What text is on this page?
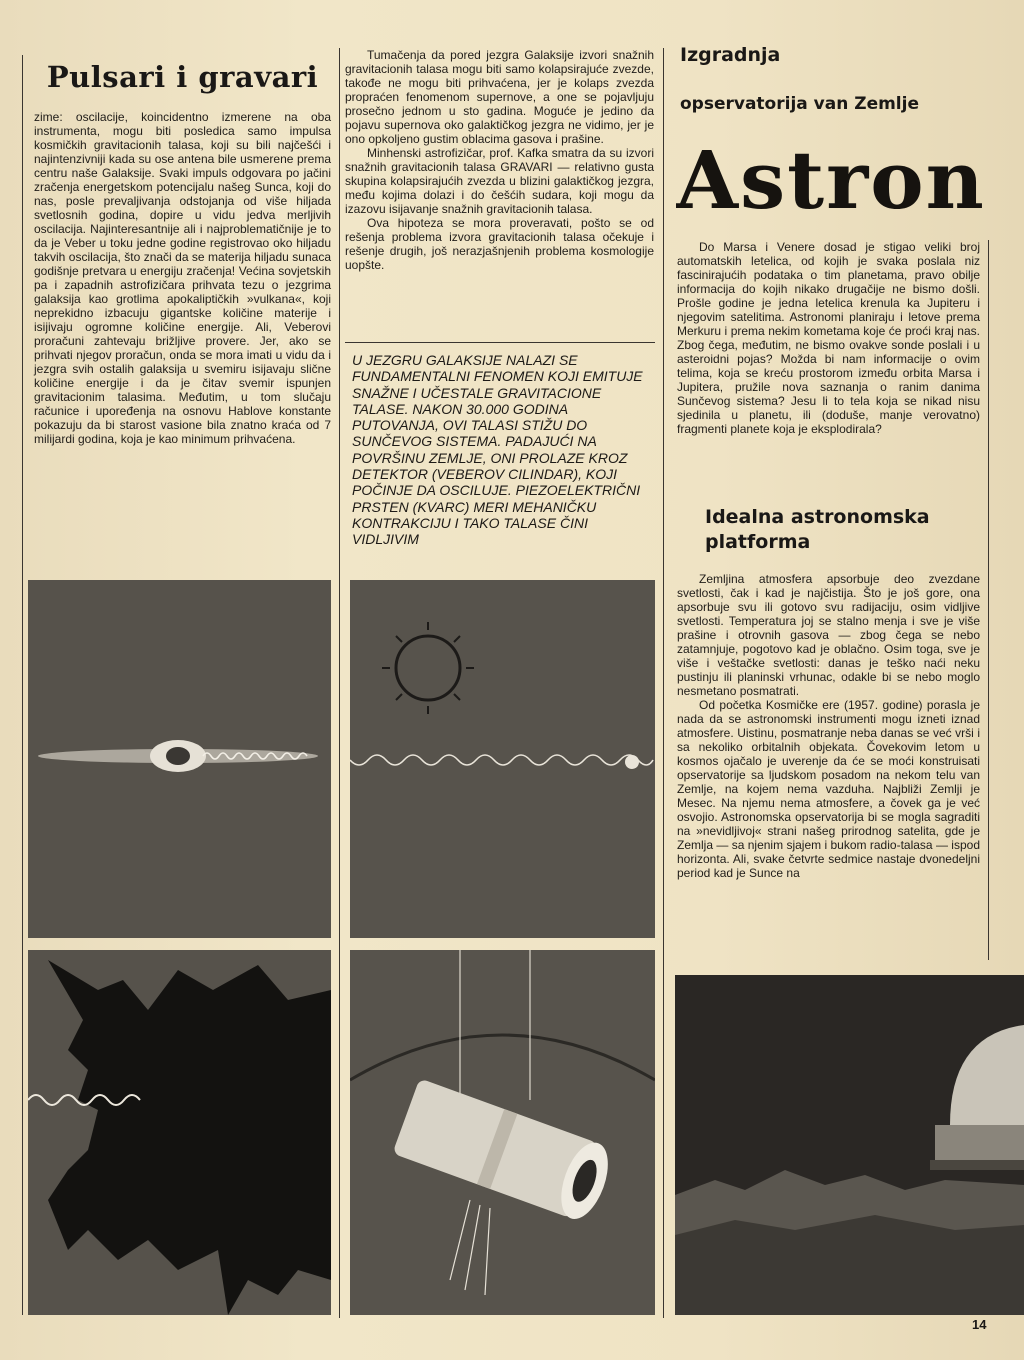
Pulsari i gravari

zime: oscilacije, koincidentno izmerene na oba instrumenta, mogu biti posledica samo impulsa kosmičkih gravitacionih talasa, koji su bili najčešći i najintenzivniji kada su ose antena bile usmerene prema centru naše Galaksije. Svaki impuls odgovara po jačini zračenja energetskom potencijalu našeg Sunca, koji do nas, posle prevaljivanja odstojanja od više hiljada svetlosnih godina, dopire u vidu jedva merljivih oscilacija. Najinteresantnije ali i najproblematičnije je to da je Veber u toku jedne godine registrovao oko hiljadu takvih oscilacija, što znači da se materija hiljadu sunaca godišnje pretvara u energiju zračenja! Većina sovjetskih pa i zapadnih astrofizičara prihvata tezu o jezgrima galaksija kao grotlima apokaliptičkih »vulkana«, koji neprekidno izbacuju gigantske količine materije i isijivaju ogromne količine energije. Ali, Veberovi proračuni zahtevaju brižljive provere. Jer, ako se prihvati njegov proračun, onda se mora imati u vidu da i jezgra svih ostalih galaksija u svemiru isijavaju slične količine energije i da je čitav svemir ispunjen gravitacionim talasima. Međutim, u tom slučaju računice i upoređenja na osnovu Hablove konstante pokazuju da bi starost vasione bila znatno kraća od 7 milijardi godina, koja je kao minimum prihvaćena.

Tumačenja da pored jezgra Galaksije izvori snažnih gravitacionih talasa mogu biti samo kolapsirajuće zvezde, takođe ne mogu biti prihvaćena, jer je kolaps zvezda propraćen fenomenom supernove, a one se pojavljuju prosečno jednom u sto gadina. Moguće je jedino da pojavu supernova oko galaktičkog jezgra ne vidimo, jer je ono opkoljeno gustim oblacima gasova i prašine.

Minhenski astrofizičar, prof. Kafka smatra da su izvori snažnih gravitacionih talasa GRAVARI — relativno gusta skupina kolapsirajućih zvezda u blizini galaktičkog jezgra, među kojima dolazi i do češćih sudara, koji mogu da izazovu isijavanje snažnih gravitacionih talasa.

Ova hipoteza se mora proveravati, pošto se od rešenja problema izvora gravitacionih talasa očekuje i rešenje drugih, još nerazjašnjenih problema kosmologije uopšte.

U JEZGRU GALAKSIJE NALAZI SE FUNDAMENTALNI FENOMEN KOJI EMITUJE SNAŽNE I UČESTALE GRAVITACIONE TALASE. NAKON 30.000 GODINA PUTOVANJA, OVI TALASI STIŽU DO SUNČEVOG SISTEMA. PADAJUĆI NA POVRŠINU ZEMLJE, ONI PROLAZE KROZ DETEKTOR (VEBEROV CILINDAR), KOJI POČINJE DA OSCILUJE. PIEZOELEKTRIČNI PRSTEN (KVARC) MERI MEHANIČKU KONTRAKCIJU I TAKO TALASE ČINI VIDLJIVIM
Izgradnja
opservatorija van Zemlje
Astron

Do Marsa i Venere dosad je stigao veliki broj automatskih letelica, od kojih je svaka poslala niz fascinirajućih podataka o tim planetama, pravo obilje informacija do kojih nikako drugačije ne bismo došli. Prošle godine je jedna letelica krenula ka Jupiteru i njegovim satelitima. Astronomi planiraju i letove prema Merkuru i prema nekim kometama koje će proći kraj nas. Zbog čega, međutim, ne bismo ovakve sonde poslali i u asteroidni pojas? Možda bi nam informacije o ovim telima, koja se kreću prostorom između orbita Marsa i Jupitera, pružile nova saznanja o ranim danima Sunčevog sistema? Jesu li to tela koja se nikad nisu sjedinila u planetu, ili (doduše, manje verovatno) fragmenti planete koja je eksplodirala?

Idealna astronomska platforma

Zemljina atmosfera apsorbuje deo zvezdane svetlosti, čak i kad je najčistija. Što je još gore, ona apsorbuje svu ili gotovo svu radijaciju, osim vidljive svetlosti. Temperatura joj se stalno menja i sve je više prašine i otrovnih gasova — zbog čega se nebo zatamnjuje, pogotovo kad je oblačno. Osim toga, sve je više i veštačke svetlosti: danas je teško naći neku pustinju ili planinski vrhunac, odakle bi se nebo moglo nesmetano posmatrati.

Od početka Kosmičke ere (1957. godine) porasla je nada da se astronomski instrumenti mogu izneti iznad atmosfere. Uistinu, posmatranje neba danas se već vrši i sa nekoliko orbitalnih objekata. Čovekovim letom u kosmos ojačalo je uverenje da će se moći konstruisati opservatorije sa ljudskom posadom na nekom telu van Zemlje, na kojem nema vazduha. Najbliži Zemlji je Mesec. Na njemu nema atmosfere, a čovek ga je već osvojio. Astronomska opservatorija bi se mogla sagraditi na »nevidljivoj« strani našeg prirodnog satelita, gde je Zemlja — sa njenim sjajem i bukom radio-talasa — ispod horizonta. Ali, svake četvrte sedmice nastaje dvonedeljni period kad je Sunce na

14
